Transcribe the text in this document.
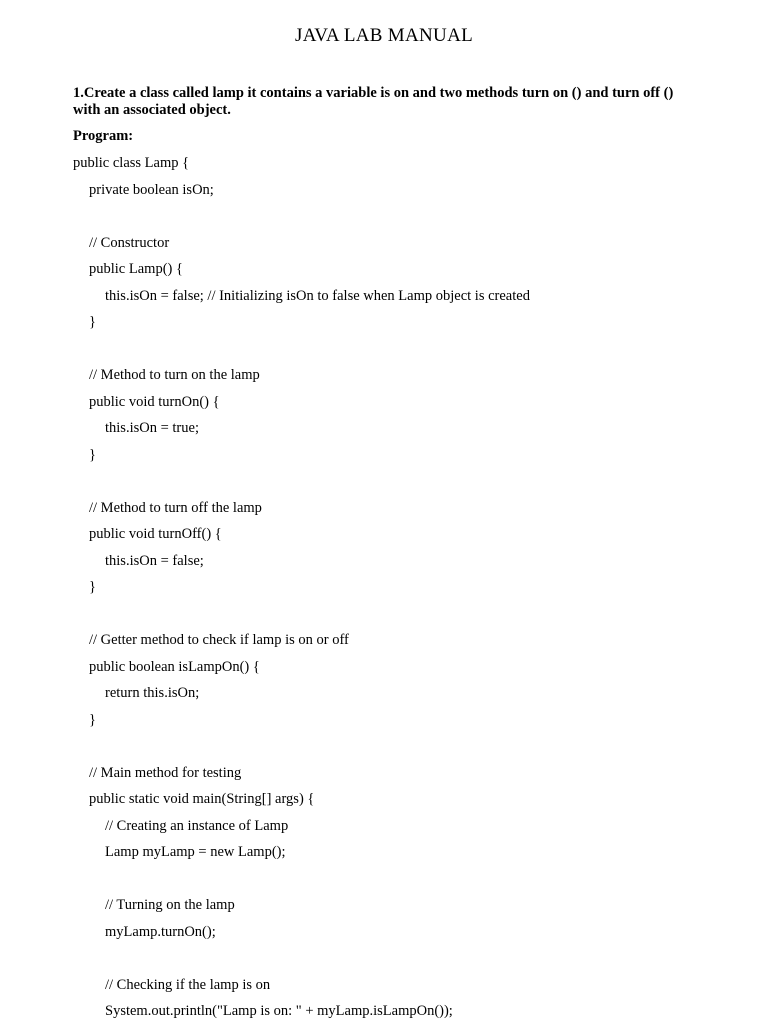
JAVA LAB MANUAL
1.Create a class called lamp it contains a variable is on and two methods turn on () and turn off () with an associated object.
Program:
public class Lamp {
private boolean isOn;
// Constructor
public Lamp() {
this.isOn = false; // Initializing isOn to false when Lamp object is created
}
// Method to turn on the lamp
public void turnOn() {
this.isOn = true;
}
// Method to turn off the lamp
public void turnOff() {
this.isOn = false;
}
// Getter method to check if lamp is on or off
public boolean isLampOn() {
return this.isOn;
}
// Main method for testing
public static void main(String[] args) {
// Creating an instance of Lamp
Lamp myLamp = new Lamp();
// Turning on the lamp
myLamp.turnOn();
// Checking if the lamp is on
System.out.println("Lamp is on: " + myLamp.isLampOn());
